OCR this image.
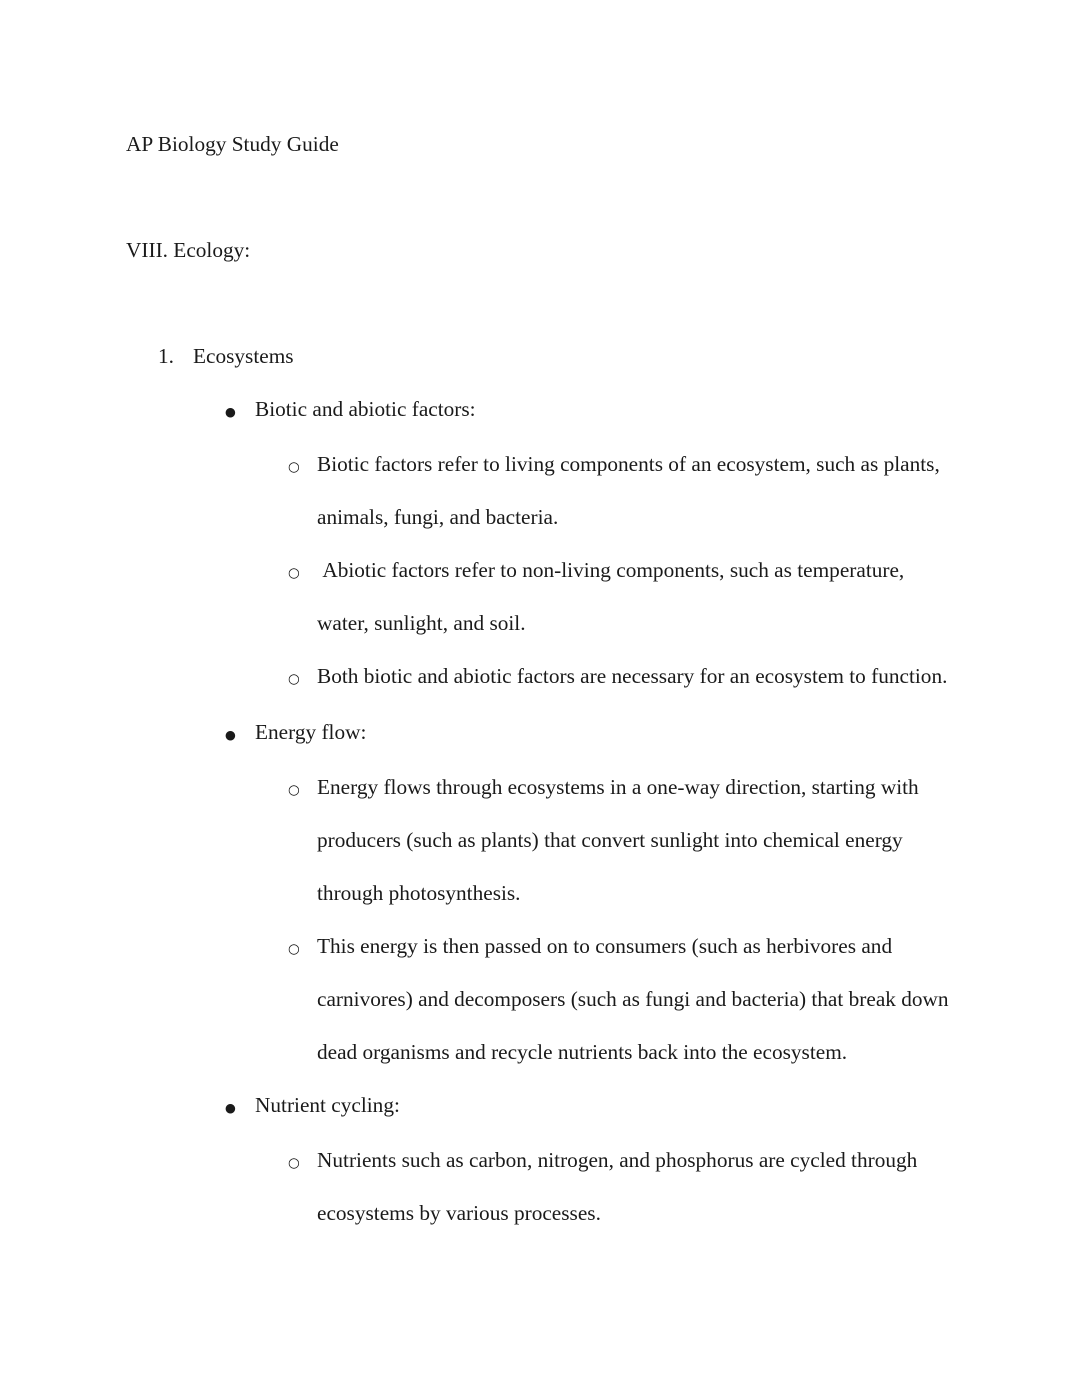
AP Biology Study Guide
VIII. Ecology:
1. Ecosystems
● Biotic and abiotic factors:
○ Biotic factors refer to living components of an ecosystem, such as plants, animals, fungi, and bacteria.
○ Abiotic factors refer to non-living components, such as temperature, water, sunlight, and soil.
○ Both biotic and abiotic factors are necessary for an ecosystem to function.
● Energy flow:
○ Energy flows through ecosystems in a one-way direction, starting with producers (such as plants) that convert sunlight into chemical energy through photosynthesis.
○ This energy is then passed on to consumers (such as herbivores and carnivores) and decomposers (such as fungi and bacteria) that break down dead organisms and recycle nutrients back into the ecosystem.
● Nutrient cycling:
○ Nutrients such as carbon, nitrogen, and phosphorus are cycled through ecosystems by various processes.
